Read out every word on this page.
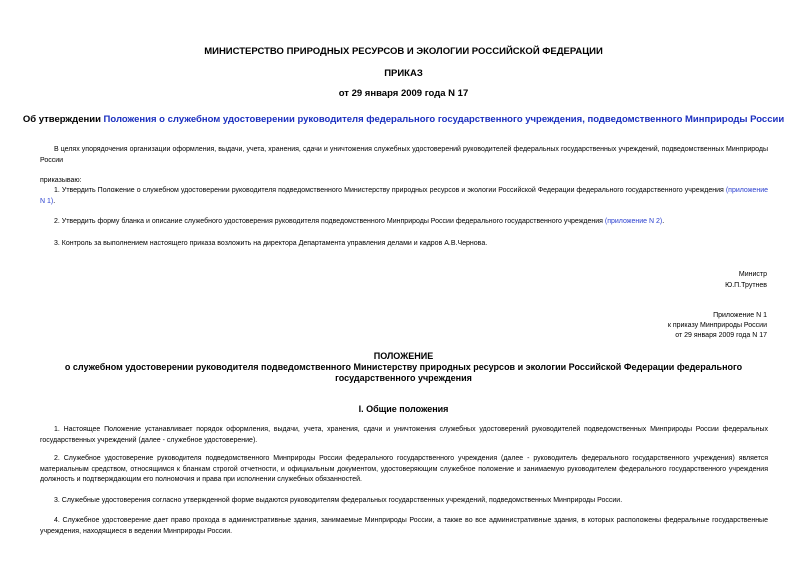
МИНИСТЕРСТВО ПРИРОДНЫХ РЕСУРСОВ И ЭКОЛОГИИ РОССИЙСКОЙ ФЕДЕРАЦИИ
ПРИКАЗ
от 29 января 2009 года N 17
Об утверждении Положения о служебном удостоверении руководителя федерального государственного учреждения, подведомственного Минприроды России

В целях упорядочения организации оформления, выдачи, учета, хранения, сдачи и уничтожения служебных удостоверений руководителей федеральных государственных учреждений, подведомственных Минприроды России

приказываю:

1. Утвердить Положение о служебном удостоверении руководителя подведомственного Министерству природных ресурсов и экологии Российской Федерации федерального государственного учреждения (приложение N 1).

2. Утвердить форму бланка и описание служебного удостоверения руководителя подведомственного Минприроды России федерального государственного учреждения (приложение N 2).

3. Контроль за выполнением настоящего приказа возложить на директора Департамента управления делами и кадров А.В.Чернова.

Министр
Ю.П.Трутнев
Приложение N 1
к приказу Минприроды России
от 29 января 2009 года N 17
ПОЛОЖЕНИЕ
о служебном удостоверении руководителя подведомственного Министерству природных ресурсов и экологии Российской Федерации федерального
государственного учреждения
I. Общие положения

1. Настоящее Положение устанавливает порядок оформления, выдачи, учета, хранения, сдачи и уничтожения служебных удостоверений руководителей подведомственных Минприроды России федеральных государственных учреждений (далее - служебное удостоверение).

2. Служебное удостоверение руководителя подведомственного Минприроды России федерального государственного учреждения (далее - руководитель федерального государственного учреждения) является материальным средством, относящимся к бланкам строгой отчетности, и официальным документом, удостоверяющим служебное положение и занимаемую руководителем федерального государственного учреждения должность и подтверждающим его полномочия и права при исполнении служебных обязанностей.

3. Служебные удостоверения согласно утвержденной форме выдаются руководителям федеральных государственных учреждений, подведомственных Минприроды России.

4. Служебное удостоверение дает право прохода в административные здания, занимаемые Минприроды России, а также во все административные здания, в которых расположены федеральные государственные учреждения, находящиеся в ведении Минприроды России.
